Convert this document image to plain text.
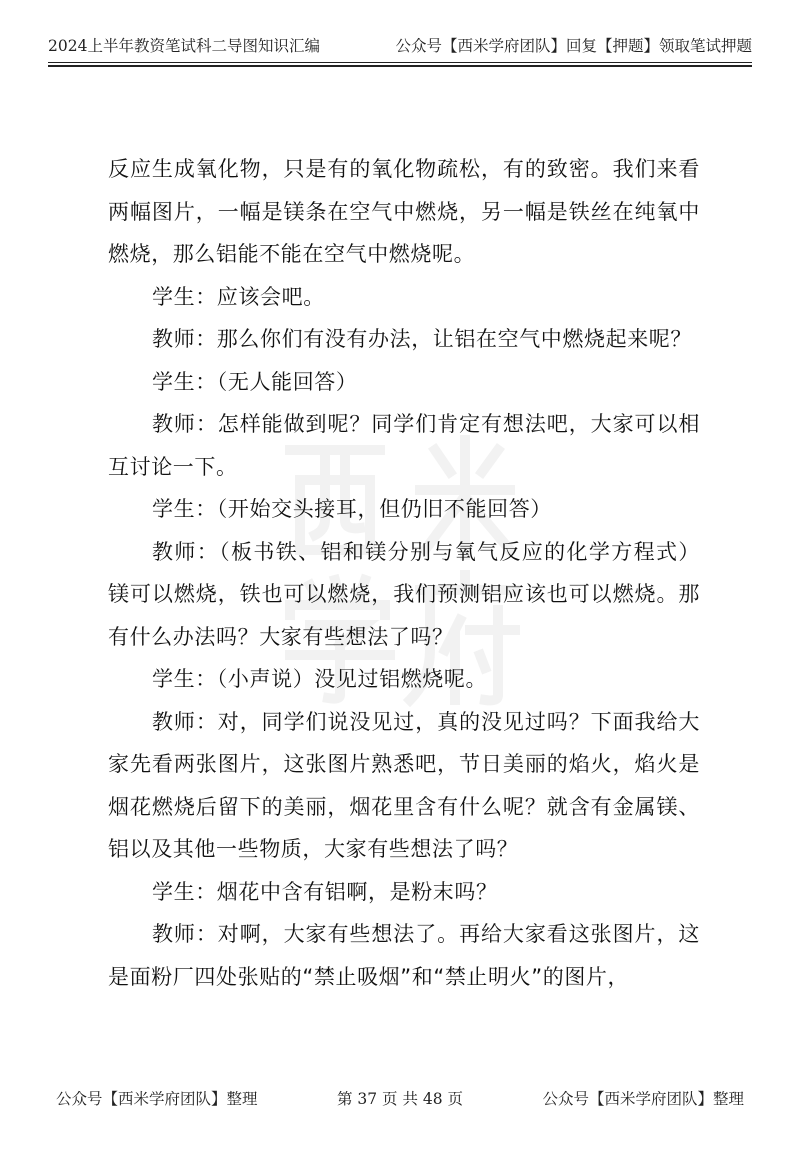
2024上半年教资笔试科二导图知识汇编	公众号【西米学府团队】回复【押题】领取笔试押题

反应生成氧化物，只是有的氧化物疏松，有的致密。我们来看两幅图片，一幅是镁条在空气中燃烧，另一幅是铁丝在纯氧中燃烧，那么铝能不能在空气中燃烧呢。

学生：应该会吧。

教师：那么你们有没有办法，让铝在空气中燃烧起来呢？

学生：（无人能回答）

教师：怎样能做到呢？同学们肯定有想法吧，大家可以相互讨论一下。

学生：（开始交头接耳，但仍旧不能回答）

教师：（板书铁、铝和镁分别与氧气反应的化学方程式）镁可以燃烧，铁也可以燃烧，我们预测铝应该也可以燃烧。那有什么办法吗？大家有些想法了吗？

学生：（小声说）没见过铝燃烧呢。

教师：对，同学们说没见过，真的没见过吗？下面我给大家先看两张图片，这张图片熟悉吧，节日美丽的焰火，焰火是烟花燃烧后留下的美丽，烟花里含有什么呢？就含有金属镁、铝以及其他一些物质，大家有些想法了吗？

学生：烟花中含有铝啊，是粉末吗？

教师：对啊，大家有些想法了。再给大家看这张图片，这是面粉厂四处张贴的“禁止吸烟”和“禁止明火”的图片，

公众号【西米学府团队】整理	第 37 页 共 48 页	公众号【西米学府团队】整理
